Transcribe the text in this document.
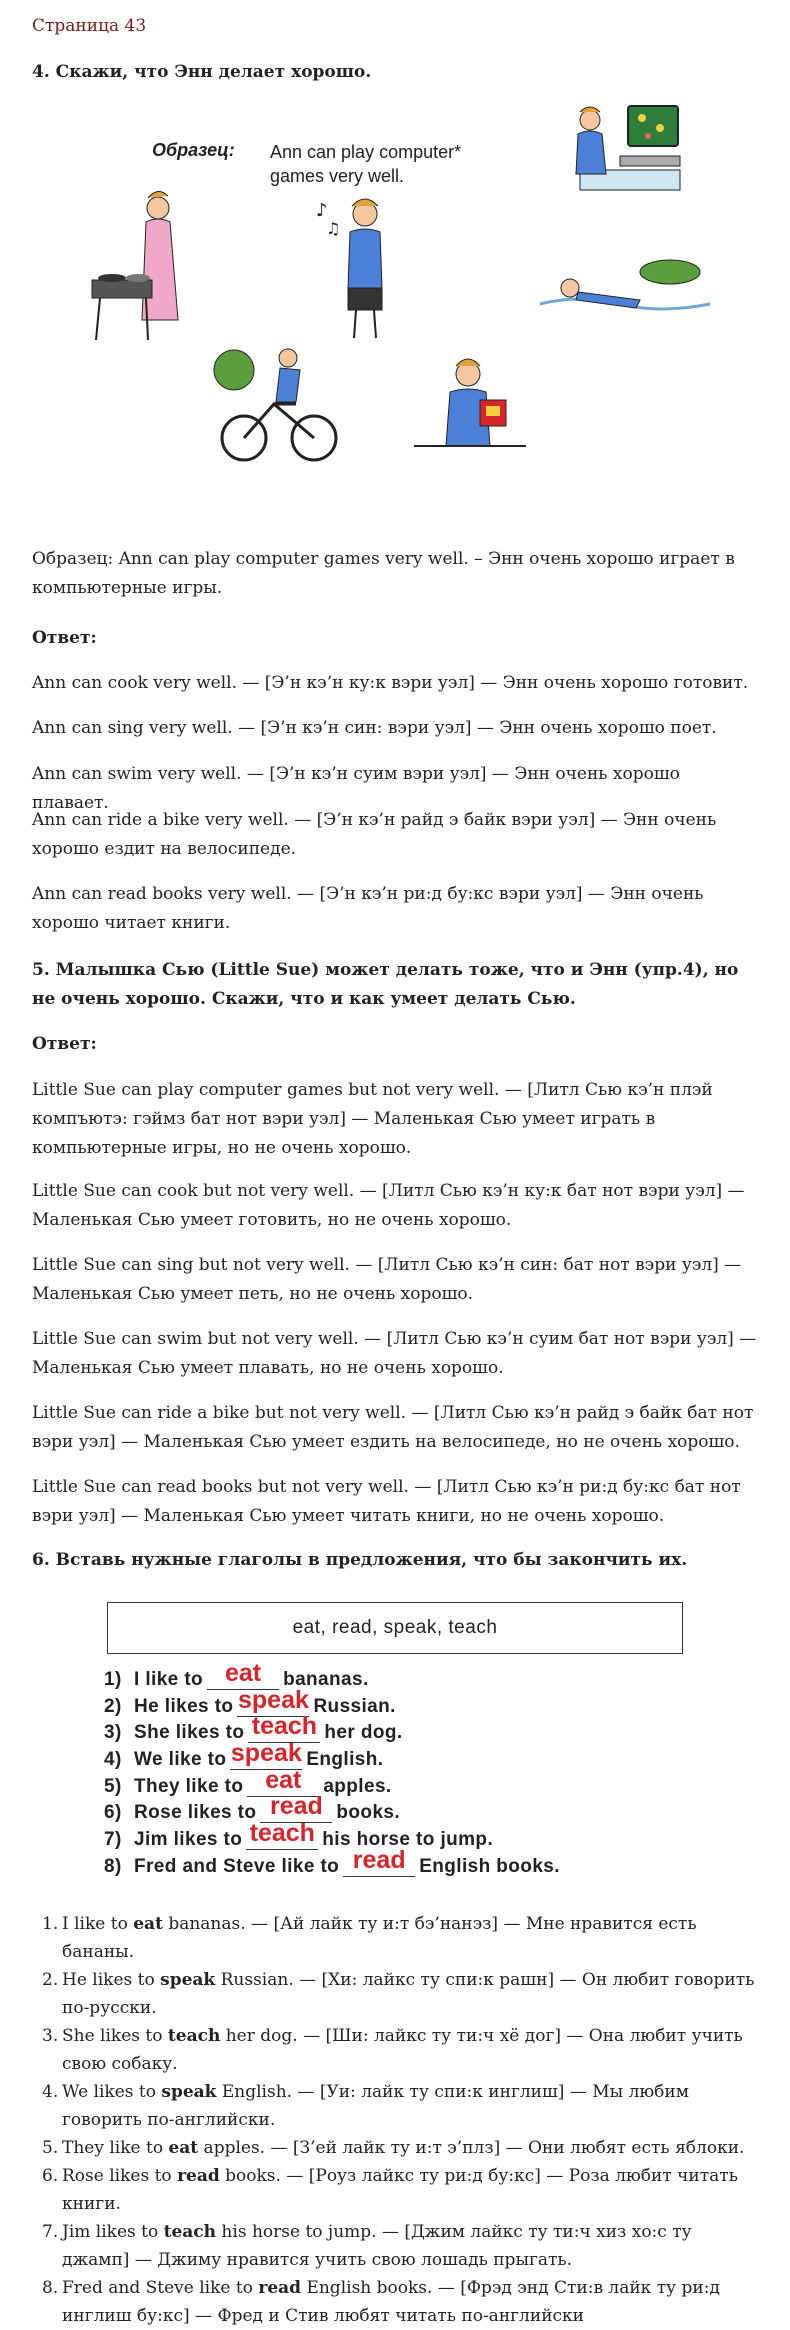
Страница 43

4. Скажи, что Энн делает хорошо.

Образец: Ann can play computer*
games very well.
♪
♫

Образец: Ann can play computer games very well. – Энн очень хорошо играет в компьютерные игры.

Ответ:

Ann can cook very well. — [Э’н кэ’н ку:к вэри уэл] — Энн очень хорошо готовит.

Ann can sing very well. — [Э’н кэ’н син: вэри уэл] — Энн очень хорошо поет.

Ann can swim very well. — [Э’н кэ’н суим вэри уэл] — Энн очень хорошо плавает.

Ann can ride a bike very well. — [Э’н кэ’н райд э байк вэри уэл] — Энн очень хорошо ездит на велосипеде.

Ann can read books very well. — [Э’н кэ’н ри:д бу:кс вэри уэл] — Энн очень хорошо читает книги.

5. Малышка Сью (Little Sue) может делать тоже, что и Энн (упр.4), но не очень хорошо. Скажи, что и как умеет делать Сью.

Ответ:

Little Sue can play computer games but not very well. — [Литл Сью кэ’н плэй компъютэ: гэймз бат нот вэри уэл] — Маленькая Сью умеет играть в компьютерные игры, но не очень хорошо.

Little Sue can cook but not very well. — [Литл Сью кэ’н ку:к бат нот вэри уэл] — Маленькая Сью умеет готовить, но не очень хорошо.

Little Sue can sing but not very well. — [Литл Сью кэ’н син: бат нот вэри уэл] — Маленькая Сью умеет петь, но не очень хорошо.

Little Sue can swim but not very well. — [Литл Сью кэ’н суим бат нот вэри уэл] — Маленькая Сью умеет плавать, но не очень хорошо.

Little Sue can ride a bike but not very well. — [Литл Сью кэ’н райд э байк бат нот вэри уэл] — Маленькая Сью умеет ездить на велосипеде, но не очень хорошо.

Little Sue can read books but not very well. — [Литл Сью кэ’н ри:д бу:кс бат нот вэри уэл] — Маленькая Сью умеет читать книги, но не очень хорошо.

6. Вставь нужные глаголы в предложения, что бы закончить их.

eat, read, speak, teach
1) I like to eat bananas.
2) He likes to speak Russian.
3) She likes to teach her dog.
4) We like to speak English.
5) They like to eat apples.
6) Rose likes to read books.
7) Jim likes to teach his horse to jump.
8) Fred and Steve like to read English books.
1. I like to eat bananas. — [Ай лайк ту и:т бэ’нанэз] — Мне нравится есть бананы.
2. He likes to speak Russian. — [Хи: лайкс ту спи:к рашн] — Он любит говорить по-русски.
3. She likes to teach her dog. — [Ши: лайкс ту ти:ч хё дог] — Она любит учить свою собаку.
4. We likes to speak English. — [Уи: лайк ту спи:к инглиш] — Мы любим говорить по-английски.
5. They like to eat apples. — [З’ей лайк ту и:т э’плз] — Они любят есть яблоки.
6. Rose likes to read books. — [Роуз лайкс ту ри:д бу:кс] — Роза любит читать книги.
7. Jim likes to teach his horse to jump. — [Джим лайкс ту ти:ч хиз хо:с ту джамп] — Джиму нравится учить свою лошадь прыгать.
8. Fred and Steve like to read English books. — [Фрэд энд Сти:в лайк ту ри:д инглиш бу:кс] — Фред и Стив любят читать по-английски
